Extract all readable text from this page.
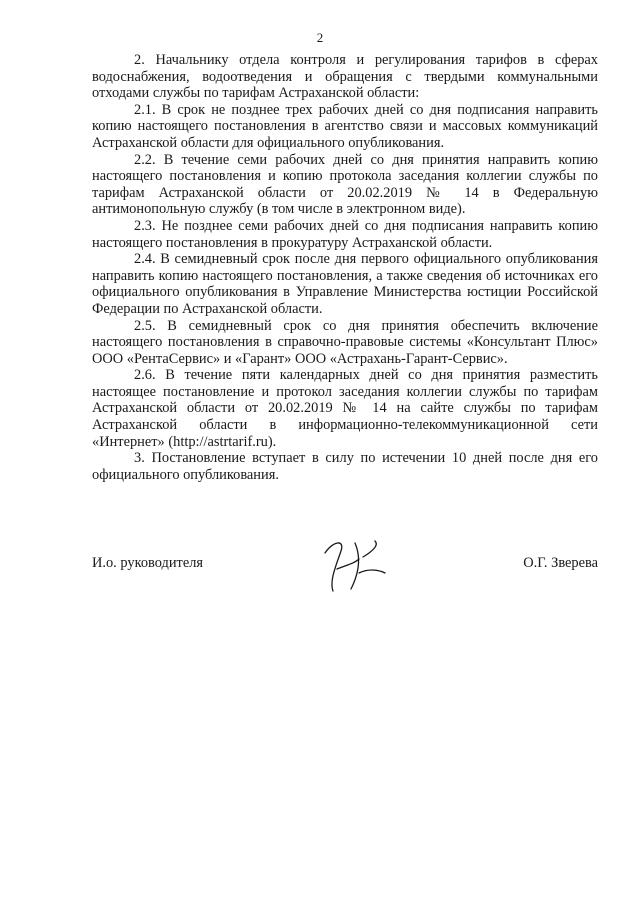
2

2. Начальнику отдела контроля и регулирования тарифов в сферах водоснабжения, водоотведения и обращения с твердыми коммунальными отходами службы по тарифам Астраханской области:

2.1. В срок не позднее трех рабочих дней со дня подписания направить копию настоящего постановления в агентство связи и массовых коммуникаций Астраханской области для официального опубликования.

2.2. В течение семи рабочих дней со дня принятия направить копию настоящего постановления и копию протокола заседания коллегии службы по тарифам Астраханской области от 20.02.2019 № 14 в Федеральную антимонопольную службу (в том числе в электронном виде).

2.3. Не позднее семи рабочих дней со дня подписания направить копию настоящего постановления в прокуратуру Астраханской области.

2.4. В семидневный срок после дня первого официального опубликования направить копию настоящего постановления, а также сведения об источниках его официального опубликования в Управление Министерства юстиции Российской Федерации по Астраханской области.

2.5. В семидневный срок со дня принятия обеспечить включение настоящего постановления в справочно-правовые системы «Консультант Плюс» ООО «РентаСервис» и «Гарант» ООО «Астрахань-Гарант-Сервис».

2.6. В течение пяти календарных дней со дня принятия разместить настоящее постановление и протокол заседания коллегии службы по тарифам Астраханской области от 20.02.2019 № 14 на сайте службы по тарифам Астраханской области в информационно-телекоммуникационной сети «Интернет» (http://astrtarif.ru).

3. Постановление вступает в силу по истечении 10 дней после дня его официального опубликования.

И.о. руководителя	О.Г. Зверева
